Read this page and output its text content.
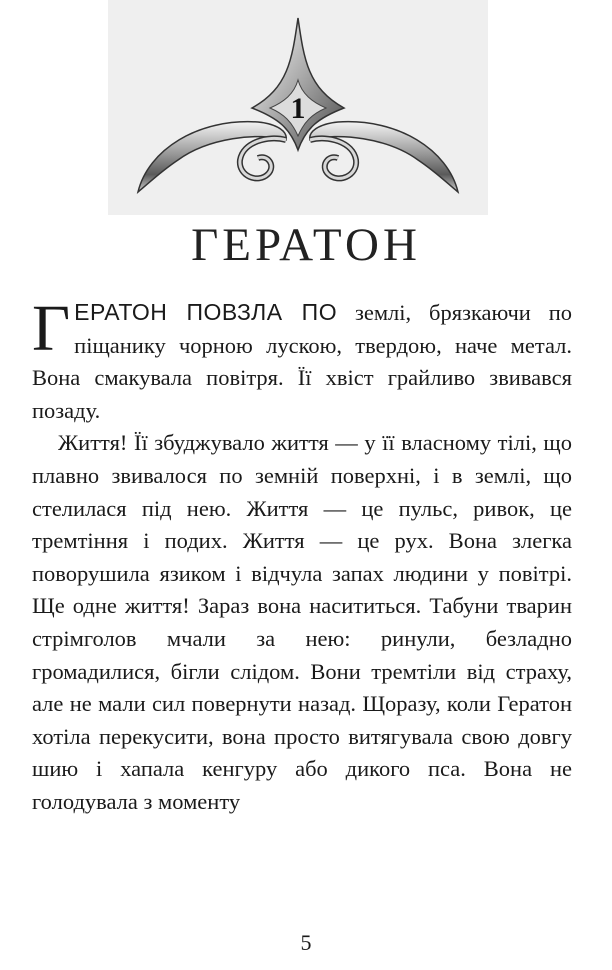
1
ГЕРАТОН

ГЕРАТОН ПОВЗЛА ПО землі, брязкаючи по піщанику чорною лускою, твердою, наче метал. Вона смакувала повітря. Її хвіст грайливо звивався позаду.

Життя! Її збуджувало життя — у її власному тілі, що плавно звивалося по земній поверхні, і в землі, що стелилася під нею. Життя — це пульс, ривок, це тремтіння і подих. Життя — це рух. Вона злегка поворушила язиком і відчула запах людини у повітрі. Ще одне життя! Зараз вона насититься. Табуни тварин стрімголов мчали за нею: ринули, безладно громадилися, бігли слідом. Вони тремтіли від страху, але не мали сил повернути назад. Щоразу, коли Гератон хотіла перекусити, вона просто витягувала свою довгу шию і хапала кенгуру або дикого пса. Вона не голодувала з моменту

5
